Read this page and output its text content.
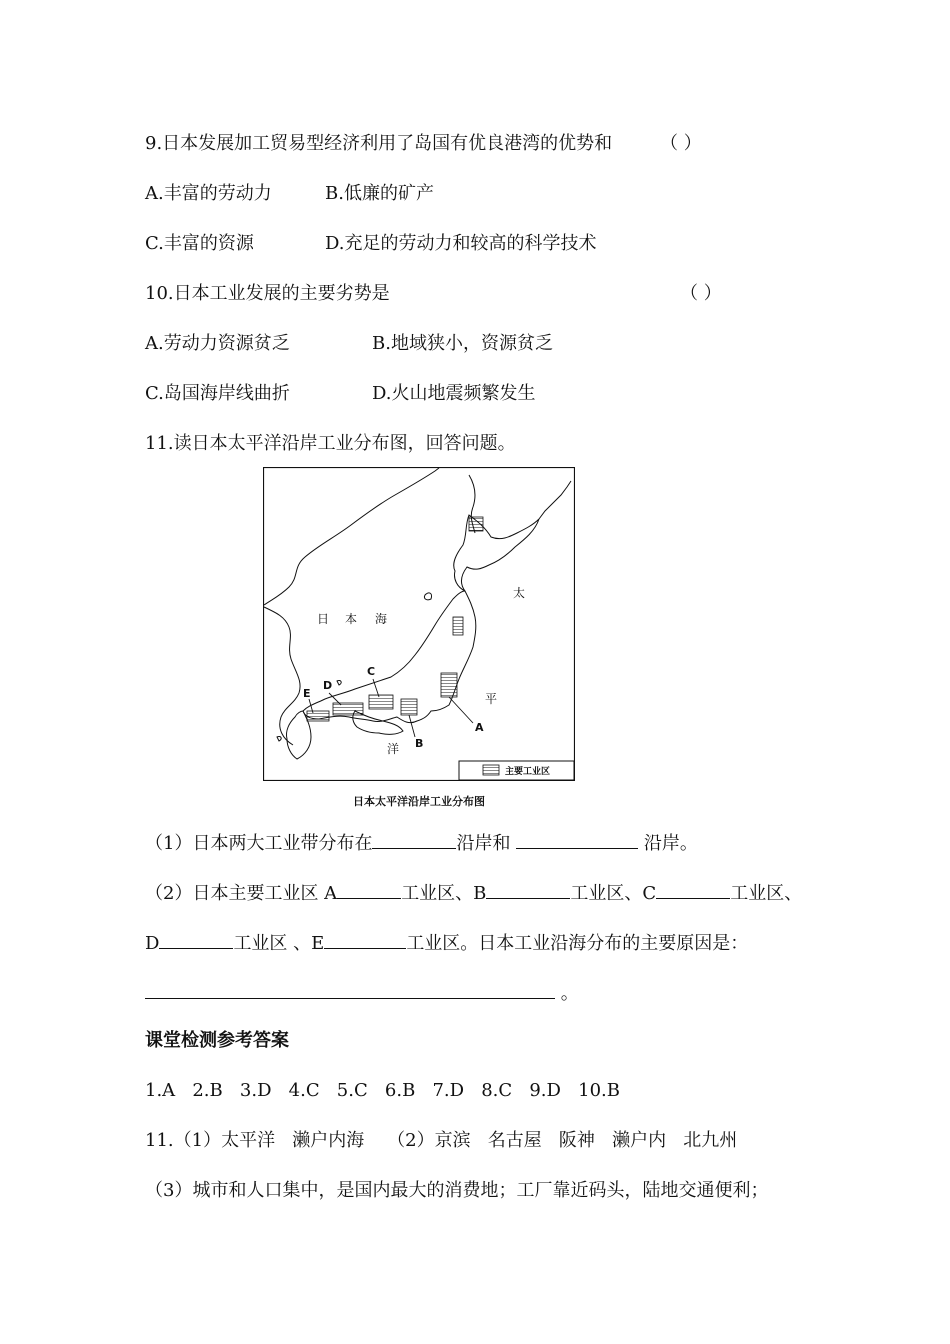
9.日本发展加工贸易型经济利用了岛国有优良港湾的优势和	（ ）
A.丰富的劳动力	B.低廉的矿产
C.丰富的资源	D.充足的劳动力和较高的科学技术
10.日本工业发展的主要劣势是	（ ）
A.劳动力资源贫乏	B.地域狭小，资源贫乏
C.岛国海岸线曲折	D.火山地震频繁发生
11.读日本太平洋沿岸工业分布图，回答问题。
日 本 海
太
平
洋
A
B
C
D
E
主要工业区
日本太平洋沿岸工业分布图
（1）日本两大工业带分布在	沿岸和	沿岸。
（2）日本主要工业区 A	工业区、B	工业区、C	工业区、
D	工业区 、E	工业区。日本工业沿海分布的主要原因是：
。
课堂检测参考答案
1.A   2.B   3.D   4.C   5.C   6.B   7.D   8.C   9.D   10.B
11.（1）太平洋   濑户内海    （2）京滨   名古屋   阪神   濑户内   北九州
（3）城市和人口集中，是国内最大的消费地；工厂靠近码头，陆地交通便利；
